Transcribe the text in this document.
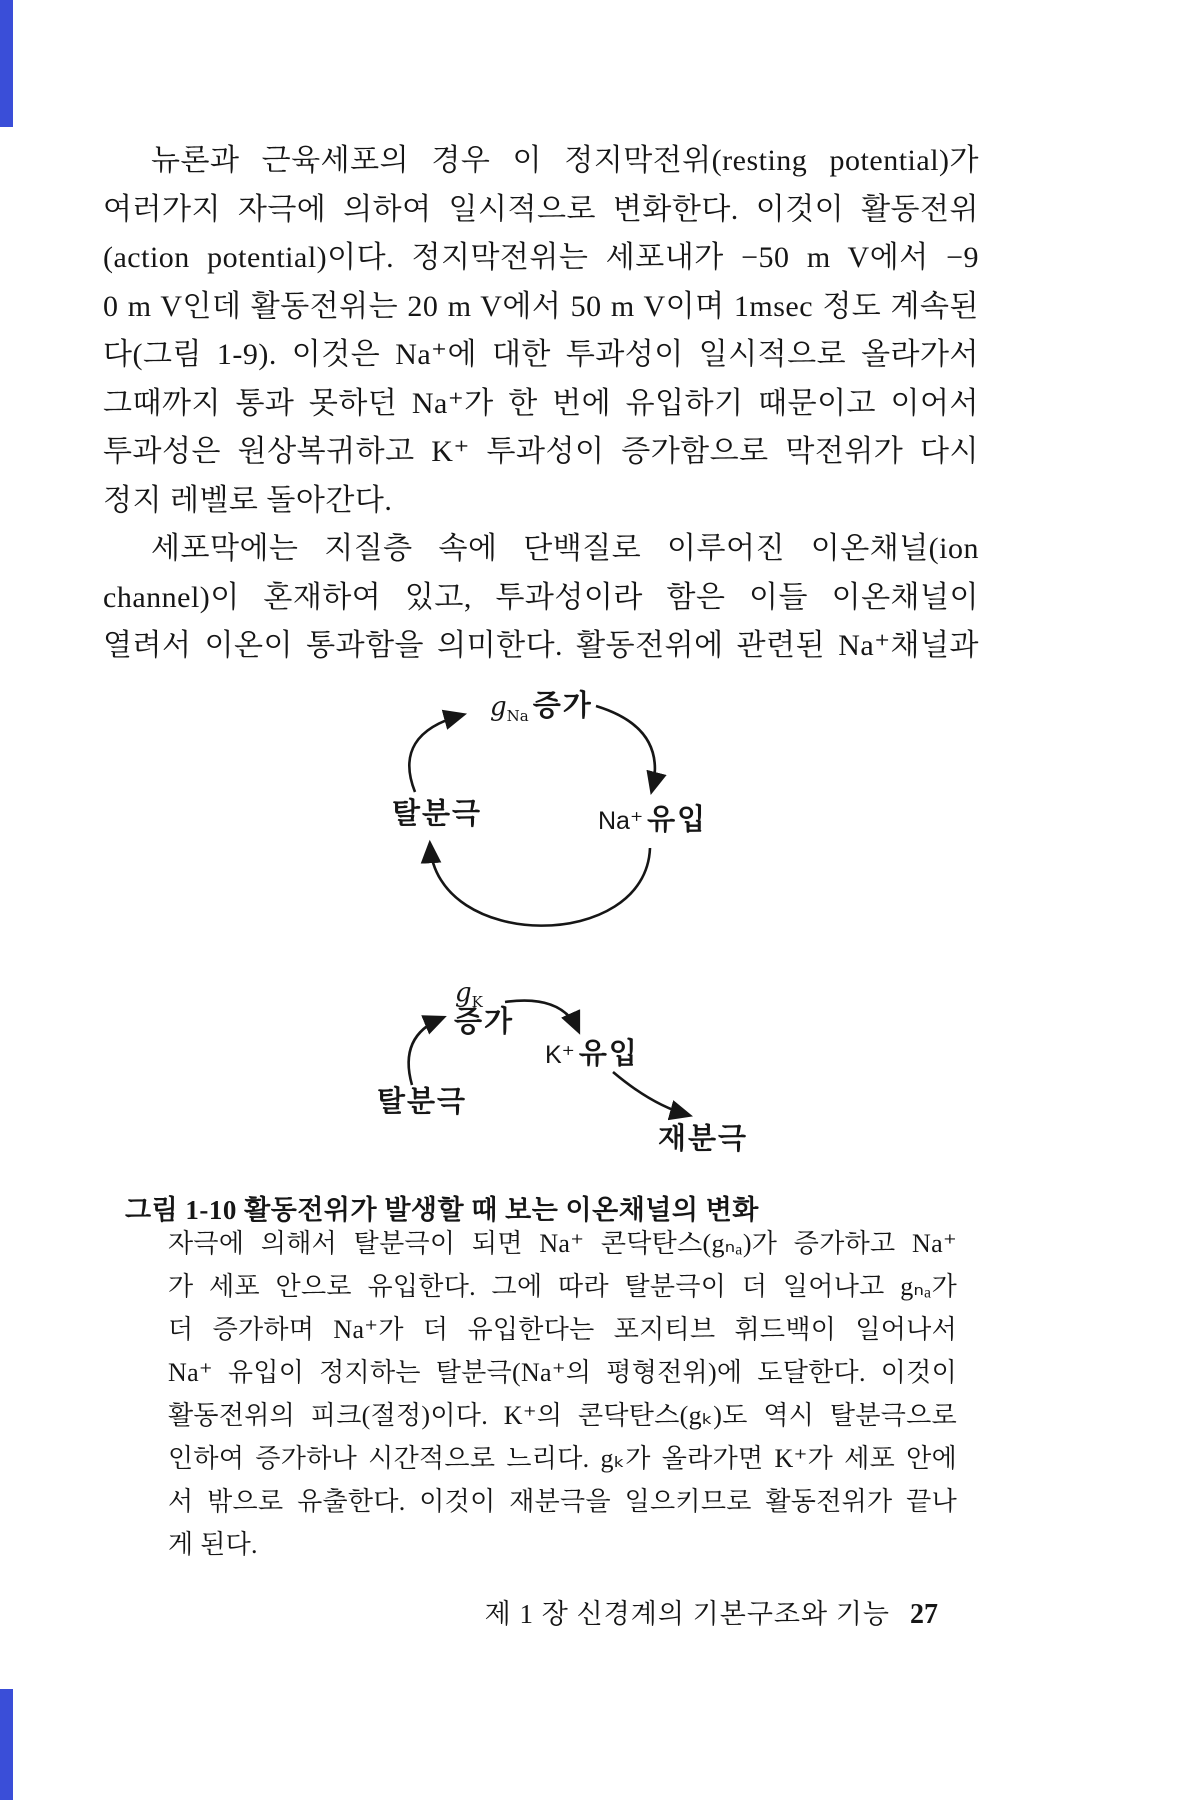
뉴론과 근육세포의 경우 이 정지막전위(resting potential)가
여러가지 자극에 의하여 일시적으로 변화한다. 이것이 활동전위
(action potential)이다. 정지막전위는 세포내가 −50 m V에서 −9
0 m V인데 활동전위는 20 m V에서 50 m V이며 1msec 정도 계속된
다(그림 1-9). 이것은 Na⁺에 대한 투과성이 일시적으로 올라가서
그때까지 통과 못하던 Na⁺가 한 번에 유입하기 때문이고 이어서
투과성은 원상복귀하고 K⁺ 투과성이 증가함으로 막전위가 다시
정지 레벨로 돌아간다.
세포막에는 지질층 속에 단백질로 이루어진 이온채널(ion
channel)이 혼재하여 있고, 투과성이라 함은 이들 이온채널이
열려서 이온이 통과함을 의미한다. 활동전위에 관련된 Na⁺채널과
$g_{Na}$ 증가
탈분극	Na⁺ 유입
$g_K$
증가
K⁺ 유입
탈분극
재분극
그림 1-10 활동전위가 발생할 때 보는 이온채널의 변화
자극에 의해서 탈분극이 되면 Na⁺ 콘닥탄스(gₙₐ)가 증가하고 Na⁺
가 세포 안으로 유입한다. 그에 따라 탈분극이 더 일어나고 gₙₐ가
더 증가하며 Na⁺가 더 유입한다는 포지티브 휘드백이 일어나서
Na⁺ 유입이 정지하는 탈분극(Na⁺의 평형전위)에 도달한다. 이것이
활동전위의 피크(절정)이다. K⁺의 콘닥탄스(gₖ)도 역시 탈분극으로
인하여 증가하나 시간적으로 느리다. gₖ가 올라가면 K⁺가 세포 안에
서 밖으로 유출한다. 이것이 재분극을 일으키므로 활동전위가 끝나
게 된다.
제 1 장 신경계의 기본구조와 기능 27
